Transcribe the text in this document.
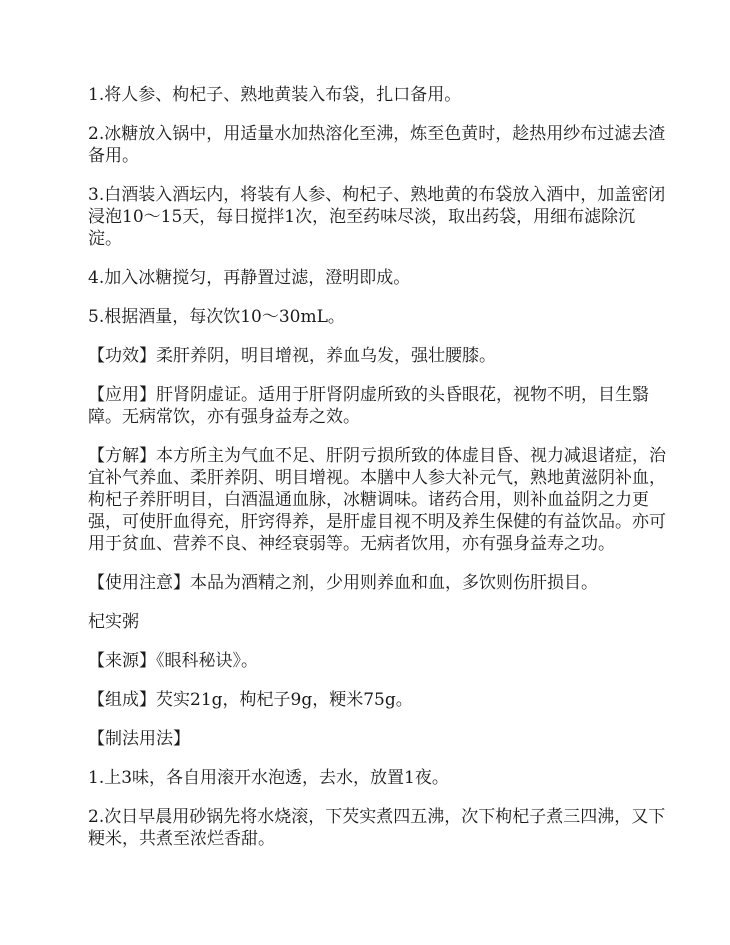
1.将人参、枸杞子、熟地黄装入布袋，扎口备用。

2.冰糖放入锅中，用适量水加热溶化至沸，炼至色黄时，趁热用纱布过滤去渣备用。

3.白酒装入酒坛内，将装有人参、枸杞子、熟地黄的布袋放入酒中，加盖密闭浸泡10～15天，每日搅拌1次，泡至药味尽淡，取出药袋，用细布滤除沉淀。

4.加入冰糖搅匀，再静置过滤，澄明即成。

5.根据酒量，每次饮10～30mL。

【功效】柔肝养阴，明目增视，养血乌发，强壮腰膝。

【应用】肝肾阴虚证。适用于肝肾阴虚所致的头昏眼花，视物不明，目生翳障。无病常饮，亦有强身益寿之效。

【方解】本方所主为气血不足、肝阴亏损所致的体虚目昏、视力减退诸症，治宜补气养血、柔肝养阴、明目增视。本膳中人参大补元气，熟地黄滋阴补血，枸杞子养肝明目，白酒温通血脉，冰糖调味。诸药合用，则补血益阴之力更强，可使肝血得充，肝窍得养，是肝虚目视不明及养生保健的有益饮品。亦可用于贫血、营养不良、神经衰弱等。无病者饮用，亦有强身益寿之功。

【使用注意】本品为酒精之剂，少用则养血和血，多饮则伤肝损目。

杞实粥

【来源】《眼科秘诀》。

【组成】芡实21g，枸杞子9g，粳米75g。

【制法用法】

1.上3味，各自用滚开水泡透，去水，放置1夜。

2.次日早晨用砂锅先将水烧滚，下芡实煮四五沸，次下枸杞子煮三四沸，又下粳米，共煮至浓烂香甜。
